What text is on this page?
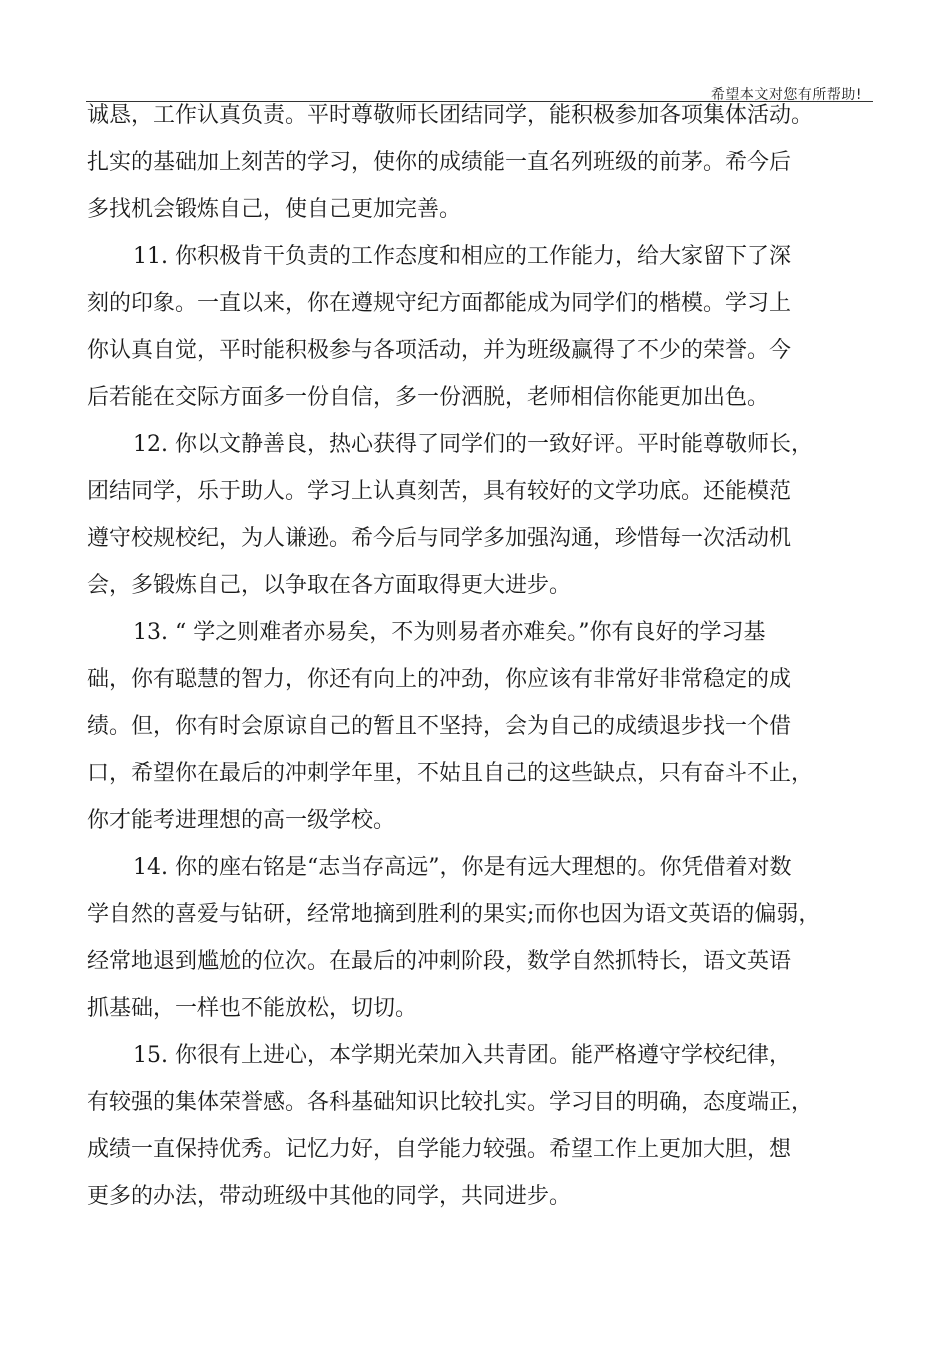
希望本文对您有所帮助!
诚恳，工作认真负责。平时尊敬师长团结同学，能积极参加各项集体活动。
扎实的基础加上刻苦的学习，使你的成绩能一直名列班级的前茅。希今后
多找机会锻炼自己，使自己更加完善。
11. 你积极肯干负责的工作态度和相应的工作能力，给大家留下了深
刻的印象。一直以来，你在遵规守纪方面都能成为同学们的楷模。学习上
你认真自觉，平时能积极参与各项活动，并为班级赢得了不少的荣誉。今
后若能在交际方面多一份自信，多一份洒脱，老师相信你能更加出色。
12. 你以文静善良，热心获得了同学们的一致好评。平时能尊敬师长，
团结同学，乐于助人。学习上认真刻苦，具有较好的文学功底。还能模范
遵守校规校纪，为人谦逊。希今后与同学多加强沟通，珍惜每一次活动机
会，多锻炼自己，以争取在各方面取得更大进步。
13. “ 学之则难者亦易矣，不为则易者亦难矣。”你有良好的学习基
础，你有聪慧的智力，你还有向上的冲劲，你应该有非常好非常稳定的成
绩。但，你有时会原谅自己的暂且不坚持，会为自己的成绩退步找一个借
口，希望你在最后的冲刺学年里，不姑且自己的这些缺点，只有奋斗不止，
你才能考进理想的高一级学校。
14. 你的座右铭是“志当存高远”，你是有远大理想的。你凭借着对数
学自然的喜爱与钻研，经常地摘到胜利的果实;而你也因为语文英语的偏弱，
经常地退到尴尬的位次。在最后的冲刺阶段，数学自然抓特长，语文英语
抓基础，一样也不能放松，切切。
15. 你很有上进心，本学期光荣加入共青团。能严格遵守学校纪律，
有较强的集体荣誉感。各科基础知识比较扎实。学习目的明确，态度端正，
成绩一直保持优秀。记忆力好，自学能力较强。希望工作上更加大胆，想
更多的办法，带动班级中其他的同学，共同进步。
